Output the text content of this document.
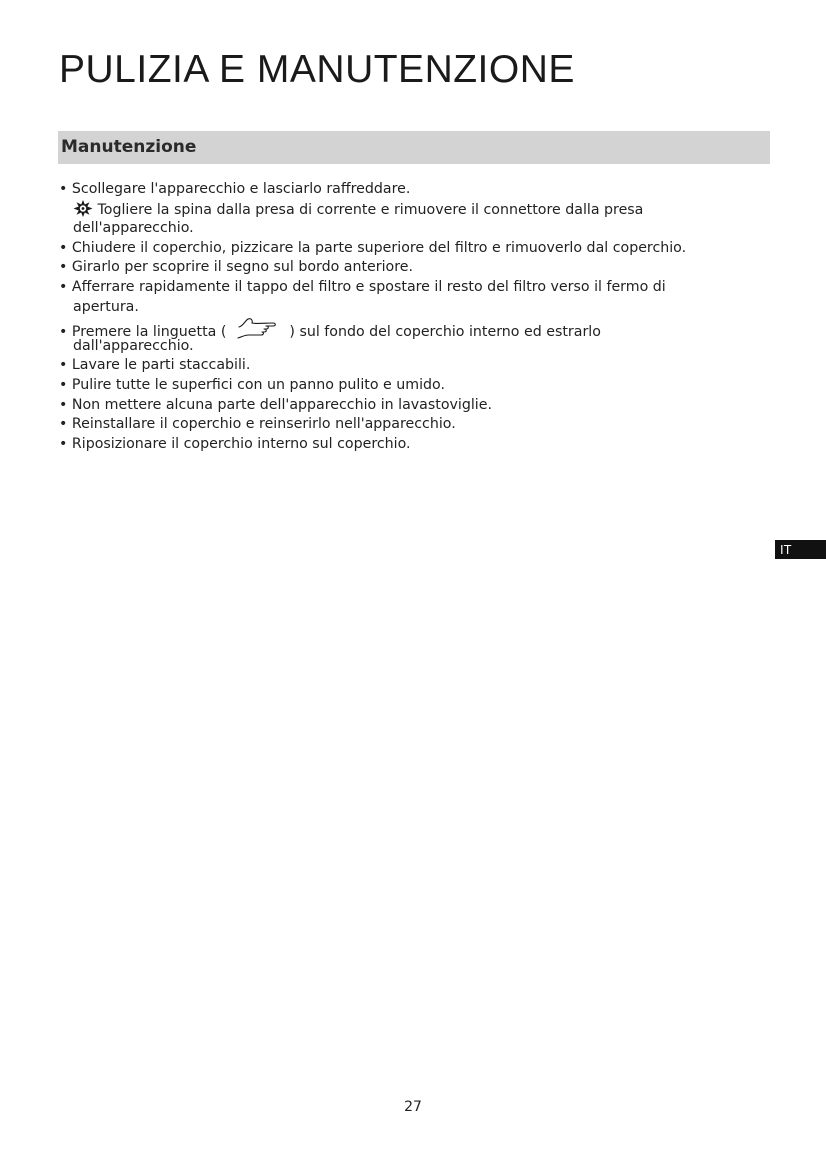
PULIZIA E MANUTENZIONE
Manutenzione
• Scollegare l'apparecchio e lasciarlo raffreddare.
Togliere la spina dalla presa di corrente e rimuovere il connettore dalla presa
dell'apparecchio.
• Chiudere il coperchio, pizzicare la parte superiore del filtro e rimuoverlo dal coperchio.
• Girarlo per scoprire il segno sul bordo anteriore.
• Afferrare rapidamente il tappo del filtro e spostare il resto del filtro verso il fermo di
apertura.
• Premere la linguetta (	) sul fondo del coperchio interno ed estrarlo
dall'apparecchio.
• Lavare le parti staccabili.
• Pulire tutte le superfici con un panno pulito e umido.
• Non mettere alcuna parte dell'apparecchio in lavastoviglie.
• Reinstallare il coperchio e reinserirlo nell'apparecchio.
• Riposizionare il coperchio interno sul coperchio.
IT
27
